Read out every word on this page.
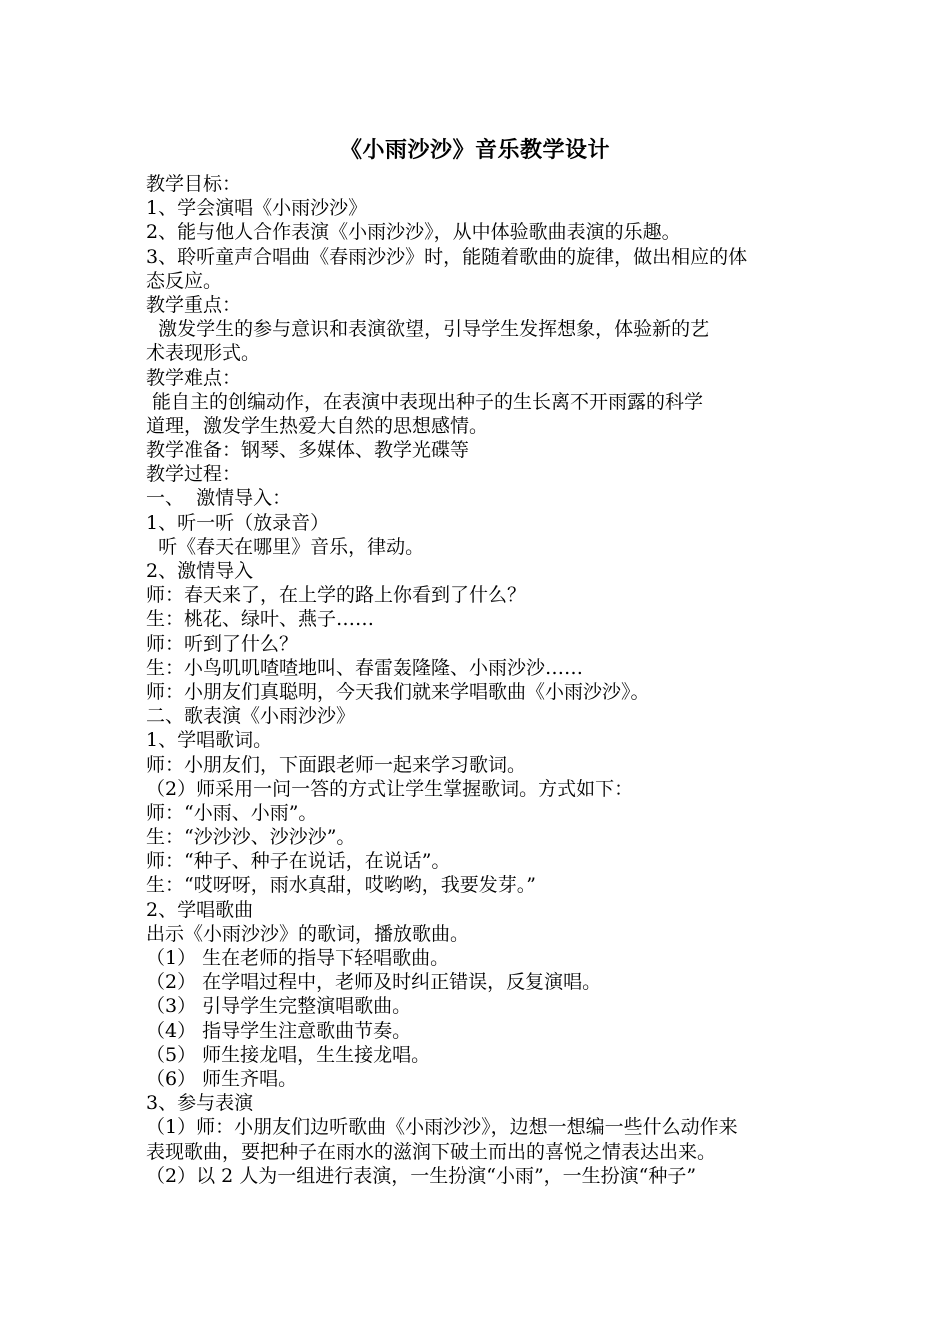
《小雨沙沙》音乐教学设计
教学目标：
1、学会演唱《小雨沙沙》
2、能与他人合作表演《小雨沙沙》，从中体验歌曲表演的乐趣。
3、聆听童声合唱曲《春雨沙沙》时，能随着歌曲的旋律，做出相应的体
态反应。
教学重点：
激发学生的参与意识和表演欲望，引导学生发挥想象，体验新的艺
术表现形式。
教学难点：
能自主的创编动作，在表演中表现出种子的生长离不开雨露的科学
道理，激发学生热爱大自然的思想感情。
教学准备：钢琴、多媒体、教学光碟等
教学过程：
一、  激情导入：
1、听一听（放录音）
听《春天在哪里》音乐，律动。
2、激情导入
师：春天来了，在上学的路上你看到了什么？
生：桃花、绿叶、燕子……
师：听到了什么？
生：小鸟叽叽喳喳地叫、春雷轰隆隆、小雨沙沙……
师：小朋友们真聪明，今天我们就来学唱歌曲《小雨沙沙》。
二、歌表演《小雨沙沙》
1、学唱歌词。
师：小朋友们，下面跟老师一起来学习歌词。
（2）师采用一问一答的方式让学生掌握歌词。方式如下：
师：“小雨、小雨”。
生：“沙沙沙、沙沙沙”。
师：“种子、种子在说话，在说话”。
生：“哎呀呀，雨水真甜，哎哟哟，我要发芽。”
2、学唱歌曲
出示《小雨沙沙》的歌词，播放歌曲。
（1） 生在老师的指导下轻唱歌曲。
（2） 在学唱过程中，老师及时纠正错误，反复演唱。
（3） 引导学生完整演唱歌曲。
（4） 指导学生注意歌曲节奏。
（5） 师生接龙唱，生生接龙唱。
（6） 师生齐唱。
3、参与表演
（1）师：小朋友们边听歌曲《小雨沙沙》，边想一想编一些什么动作来
表现歌曲，要把种子在雨水的滋润下破土而出的喜悦之情表达出来。
（2）以 2 人为一组进行表演，一生扮演“小雨”，一生扮演“种子”
